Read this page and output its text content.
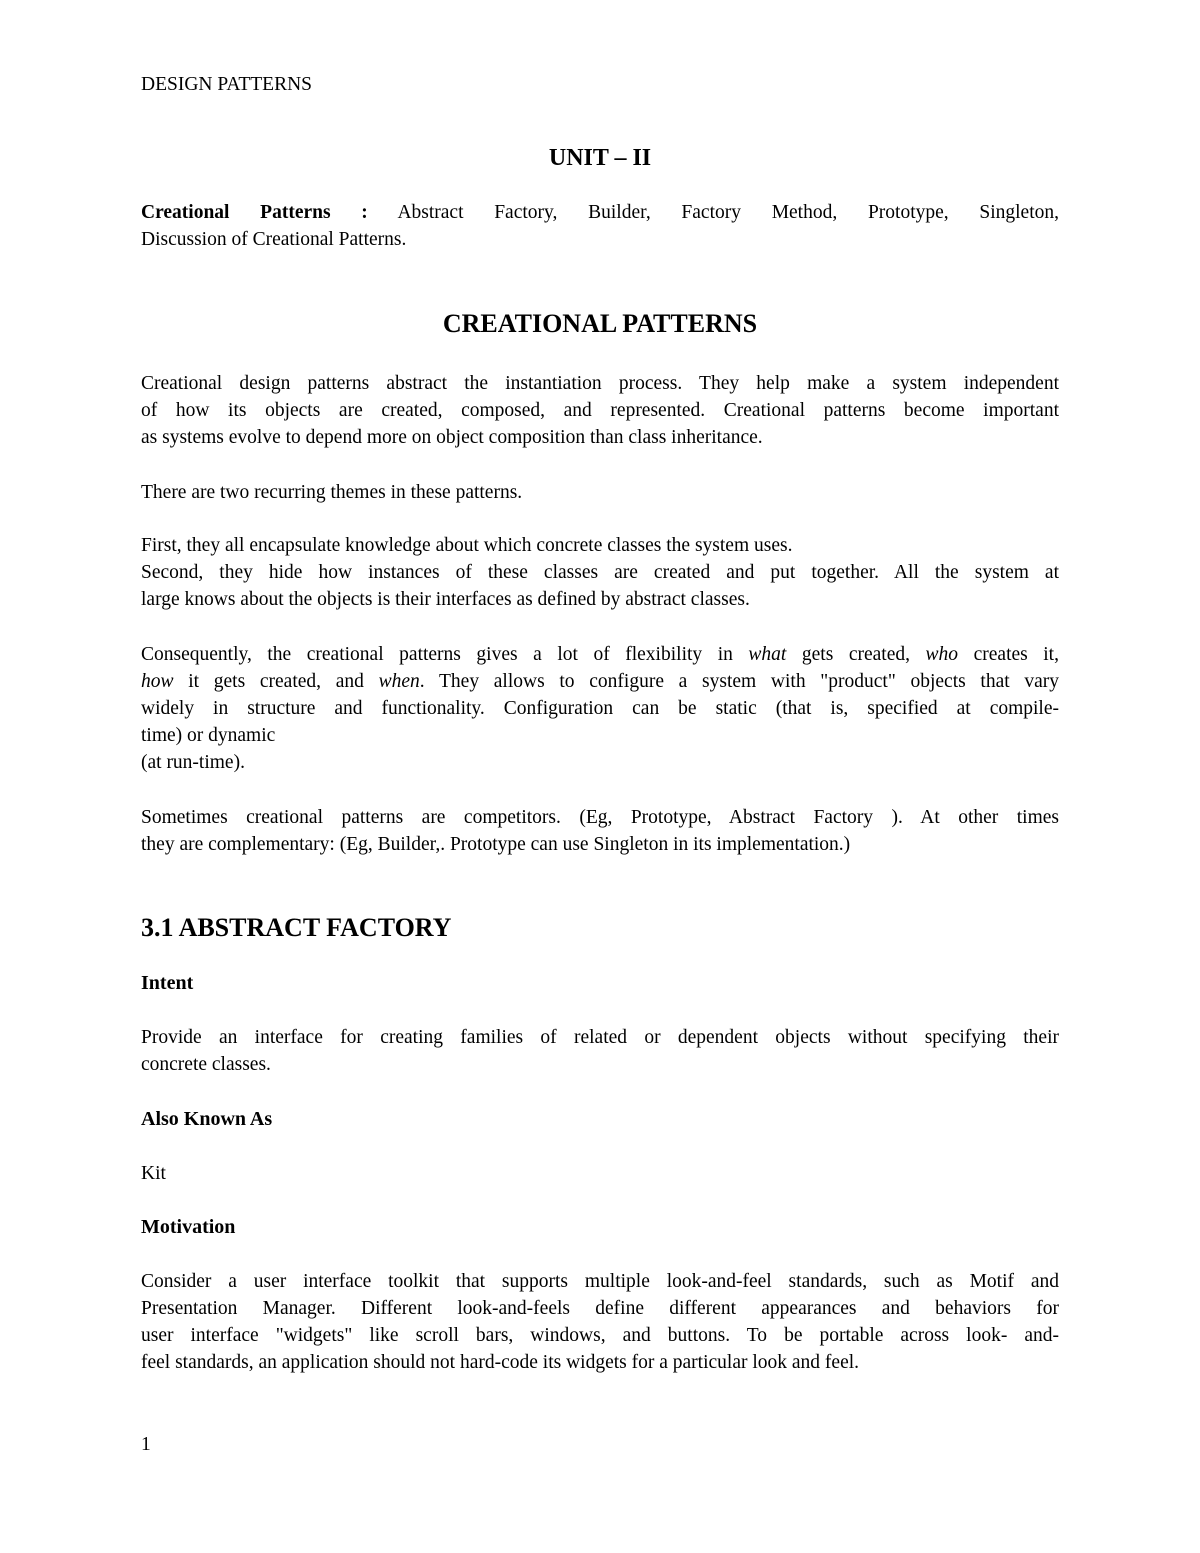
DESIGN PATTERNS
UNIT – II
Creational Patterns : Abstract Factory, Builder, Factory Method, Prototype, Singleton,
Discussion of Creational Patterns.
CREATIONAL PATTERNS
Creational design patterns abstract the instantiation process. They help make a system independent
of how its objects are created, composed, and represented. Creational patterns become important
as systems evolve to depend more on object composition than class inheritance.
There are two recurring themes in these patterns.
First, they all encapsulate knowledge about which concrete classes the system uses.
Second, they hide how instances of these classes are created and put together. All the system at
large knows about the objects is their interfaces as defined by abstract classes.
Consequently, the creational patterns gives a lot of flexibility in what gets created, who creates it,
how it gets created, and when. They allows to configure a system with "product" objects that vary
widely in structure and functionality. Configuration can be static (that is, specified at compile-
time) or dynamic
(at run-time).
Sometimes creational patterns are competitors. (Eg, Prototype, Abstract Factory ). At other times
they are complementary: (Eg, Builder,. Prototype can use Singleton in its implementation.)
3.1 ABSTRACT FACTORY
Intent
Provide an interface for creating families of related or dependent objects without specifying their
concrete classes.
Also Known As
Kit
Motivation
Consider a user interface toolkit that supports multiple look-and-feel standards, such as Motif and
Presentation Manager. Different look-and-feels define different appearances and behaviors for
user interface "widgets" like scroll bars, windows, and buttons. To be portable across look- and-
feel standards, an application should not hard-code its widgets for a particular look and feel.
1
